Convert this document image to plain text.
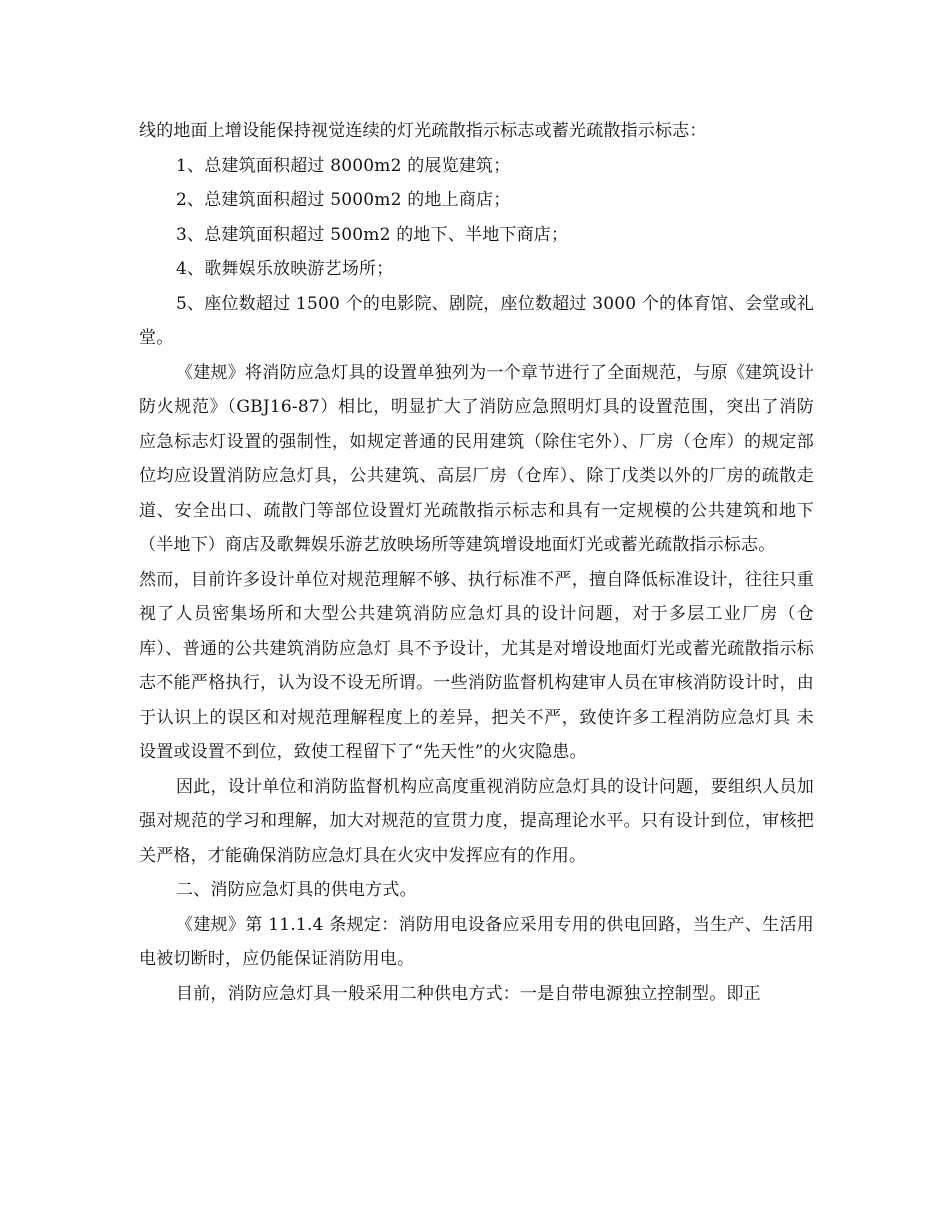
线的地面上增设能保持视觉连续的灯光疏散指示标志或蓄光疏散指示标志：

1、总建筑面积超过 8000m2 的展览建筑；

2、总建筑面积超过 5000m2 的地上商店；

3、总建筑面积超过 500m2 的地下、半地下商店；

4、歌舞娱乐放映游艺场所；

5、座位数超过 1500 个的电影院、剧院，座位数超过 3000 个的体育馆、会堂或礼堂。

《建规》将消防应急灯具的设置单独列为一个章节进行了全面规范，与原《建筑设计防火规范》（GBJ16-87）相比，明显扩大了消防应急照明灯具的设置范围，突出了消防应急标志灯设置的强制性，如规定普通的民用建筑（除住宅外）、厂房（仓库）的规定部位均应设置消防应急灯具，公共建筑、高层厂房（仓库）、除丁戊类以外的厂房的疏散走道、安全出口、疏散门等部位设置灯光疏散指示标志和具有一定规模的公共建筑和地下（半地下）商店及歌舞娱乐游艺放映场所等建筑增设地面灯光或蓄光疏散指示标志。

然而，目前许多设计单位对规范理解不够、执行标准不严，擅自降低标准设计，往往只重视了人员密集场所和大型公共建筑消防应急灯具的设计问题，对于多层工业厂房（仓库）、普通的公共建筑消防应急灯 具不予设计，尤其是对增设地面灯光或蓄光疏散指示标志不能严格执行，认为设不设无所谓。一些消防监督机构建审人员在审核消防设计时，由于认识上的误区和对规范理解程度上的差异，把关不严，致使许多工程消防应急灯具 未设置或设置不到位，致使工程留下了“先天性”的火灾隐患。

因此，设计单位和消防监督机构应高度重视消防应急灯具的设计问题，要组织人员加强对规范的学习和理解，加大对规范的宣贯力度，提高理论水平。只有设计到位，审核把关严格，才能确保消防应急灯具在火灾中发挥应有的作用。

二、消防应急灯具的供电方式。

《建规》第 11.1.4 条规定：消防用电设备应采用专用的供电回路，当生产、生活用电被切断时，应仍能保证消防用电。

目前，消防应急灯具一般采用二种供电方式：一是自带电源独立控制型。即正
